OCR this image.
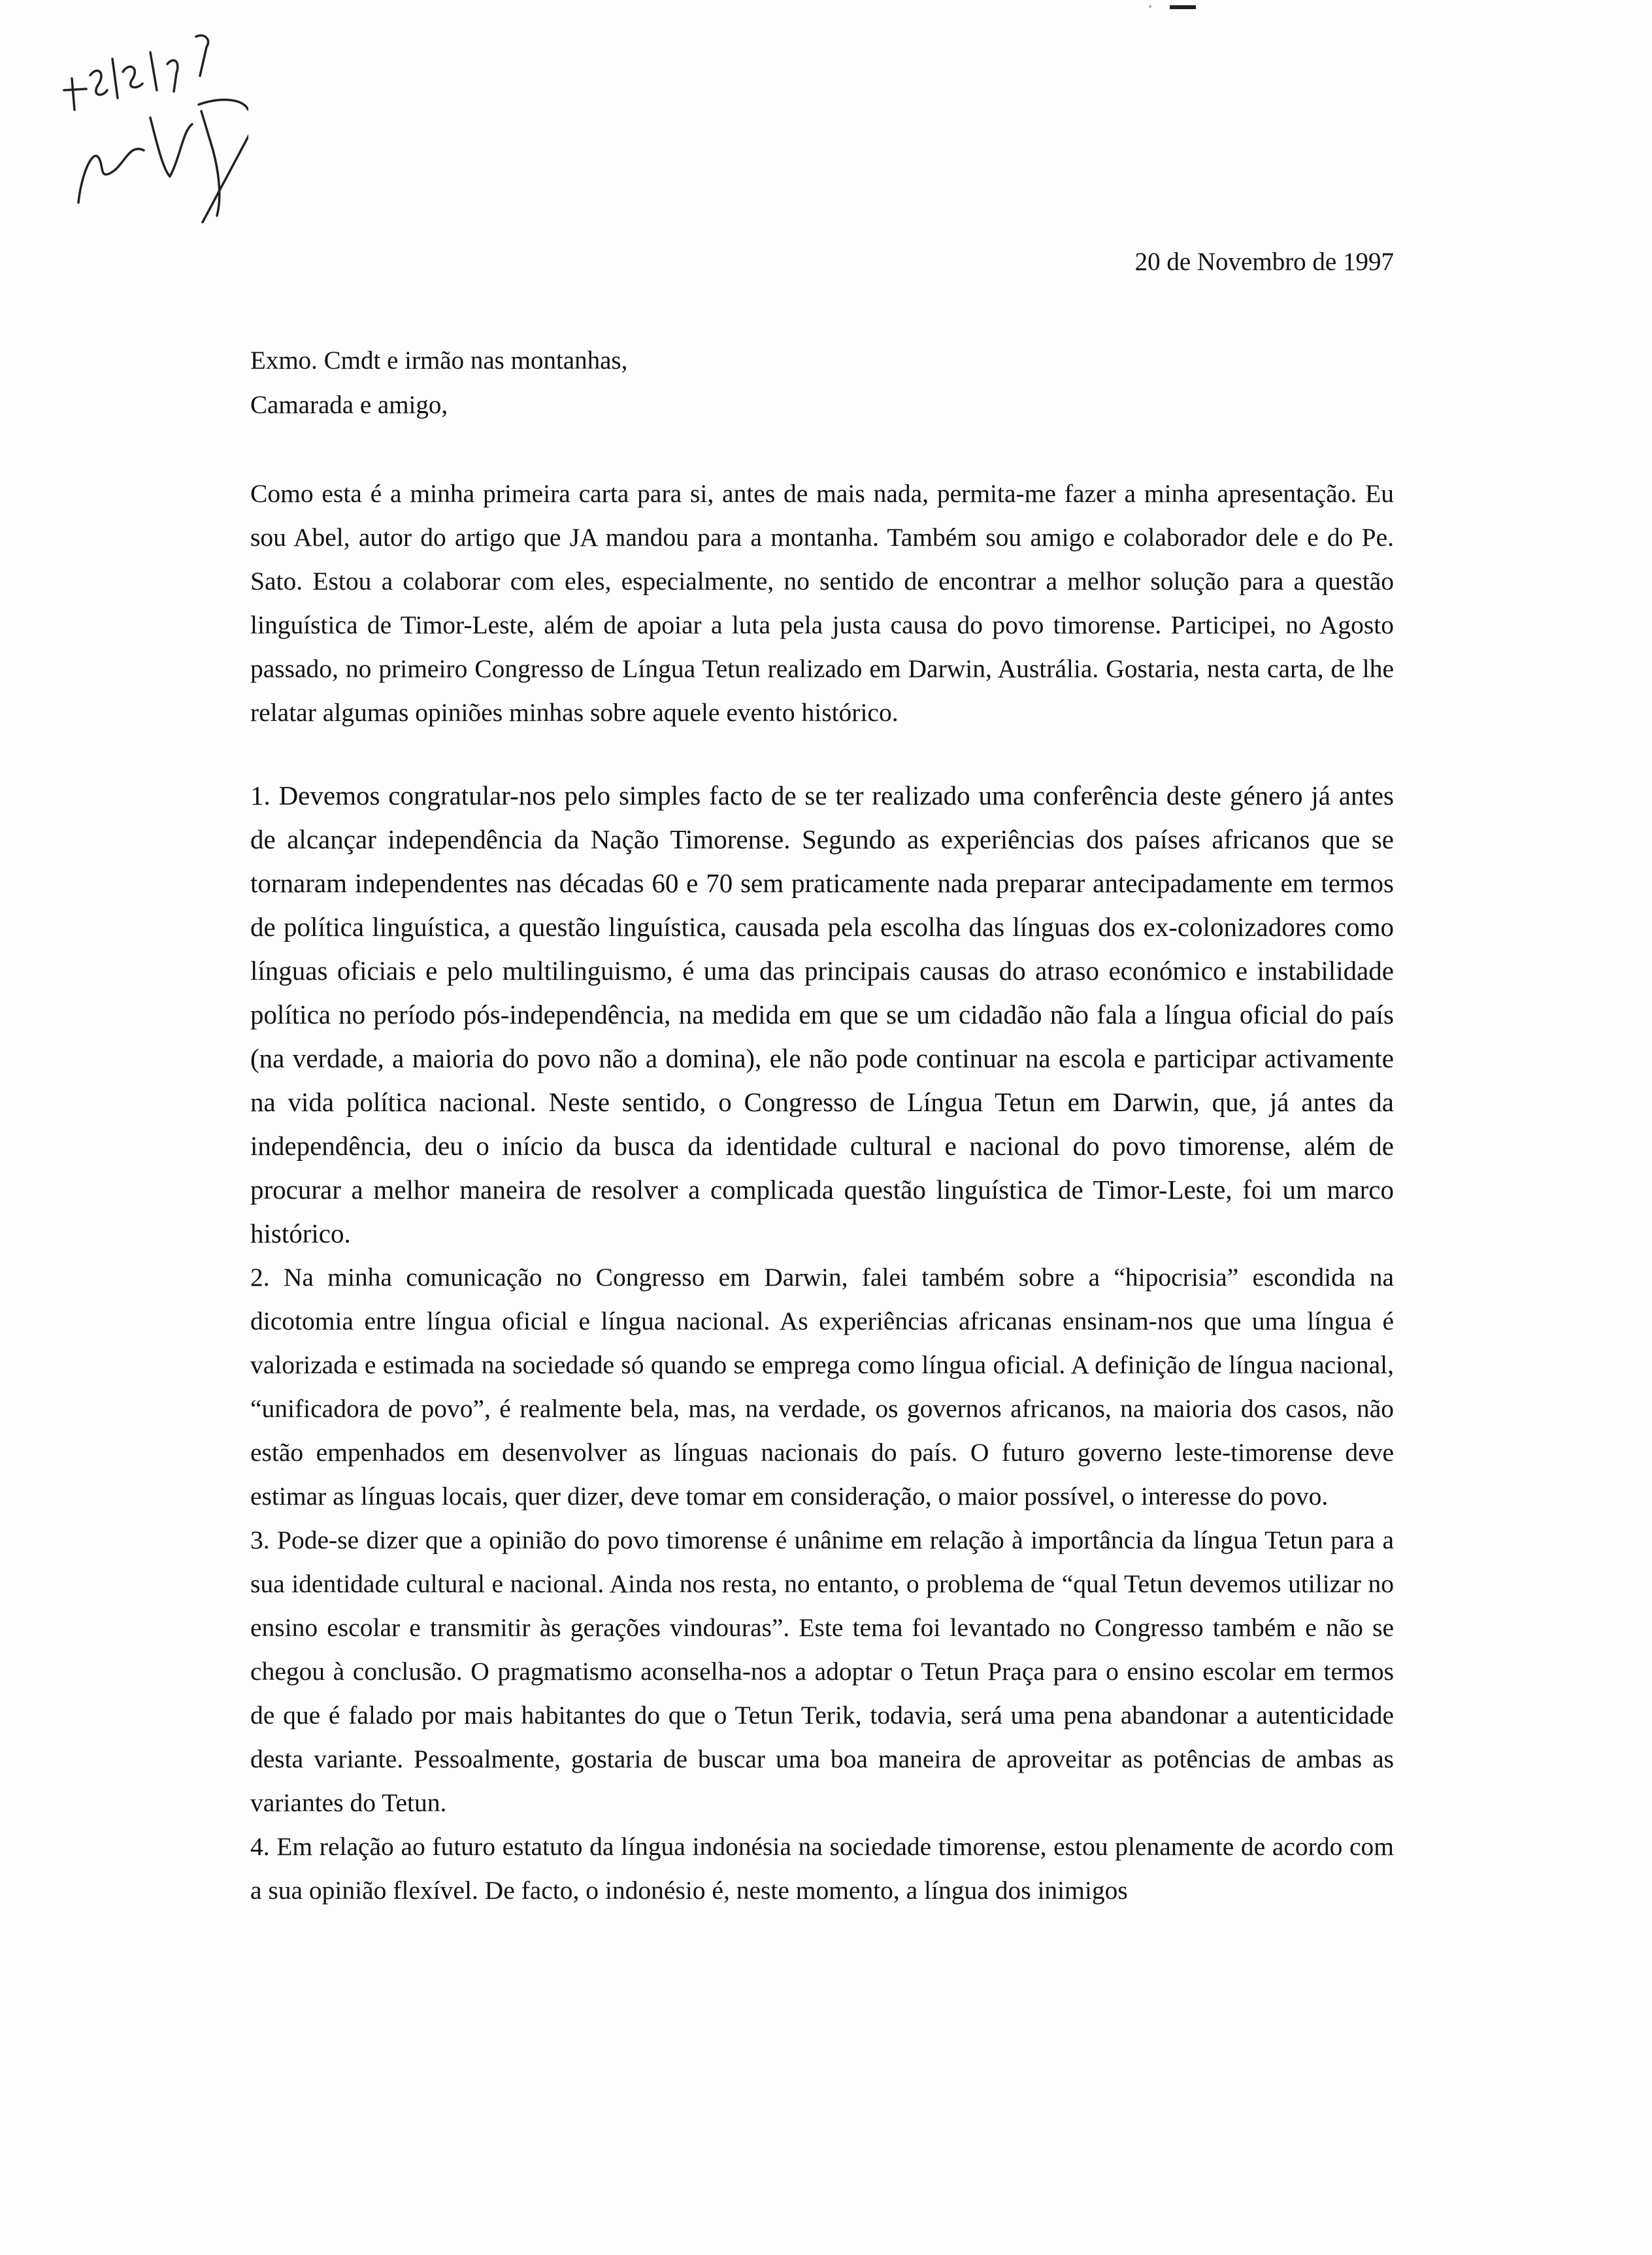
20 de Novembro de 1997
Exmo. Cmdt e irmão nas montanhas,
Camarada e amigo,

Como esta é a minha primeira carta para si, antes de mais nada, permita-me fazer a minha apresentação. Eu sou Abel, autor do artigo que JA mandou para a montanha. Também sou amigo e colaborador dele e do Pe. Sato. Estou a colaborar com eles, especialmente, no sentido de encontrar a melhor solução para a questão linguística de Timor-Leste, além de apoiar a luta pela justa causa do povo timorense. Participei, no Agosto passado, no primeiro Congresso de Língua Tetun realizado em Darwin, Austrália. Gostaria, nesta carta, de lhe relatar algumas opiniões minhas sobre aquele evento histórico.

1. Devemos congratular-nos pelo simples facto de se ter realizado uma conferência deste género já antes de alcançar independência da Nação Timorense. Segundo as experiências dos países africanos que se tornaram independentes nas décadas 60 e 70 sem praticamente nada preparar antecipadamente em termos de política linguística, a questão linguística, causada pela escolha das línguas dos ex-colonizadores como línguas oficiais e pelo multilinguismo, é uma das principais causas do atraso económico e instabilidade política no período pós-independência, na medida em que se um cidadão não fala a língua oficial do país (na verdade, a maioria do povo não a domina), ele não pode continuar na escola e participar activamente na vida política nacional. Neste sentido, o Congresso de Língua Tetun em Darwin, que, já antes da independência, deu o início da busca da identidade cultural e nacional do povo timorense, além de procurar a melhor maneira de resolver a complicada questão linguística de Timor-Leste, foi um marco histórico.

2. Na minha comunicação no Congresso em Darwin, falei também sobre a “hipocrisia” escondida na dicotomia entre língua oficial e língua nacional. As experiências africanas ensinam-nos que uma língua é valorizada e estimada na sociedade só quando se emprega como língua oficial. A definição de língua nacional, “unificadora de povo”, é realmente bela, mas, na verdade, os governos africanos, na maioria dos casos, não estão empenhados em desenvolver as línguas nacionais do país. O futuro governo leste-timorense deve estimar as línguas locais, quer dizer, deve tomar em consideração, o maior possível, o interesse do povo.

3. Pode-se dizer que a opinião do povo timorense é unânime em relação à importância da língua Tetun para a sua identidade cultural e nacional. Ainda nos resta, no entanto, o problema de “qual Tetun devemos utilizar no ensino escolar e transmitir às gerações vindouras”. Este tema foi levantado no Congresso também e não se chegou à conclusão. O pragmatismo aconselha-nos a adoptar o Tetun Praça para o ensino escolar em termos de que é falado por mais habitantes do que o Tetun Terik, todavia, será uma pena abandonar a autenticidade desta variante. Pessoalmente, gostaria de buscar uma boa maneira de aproveitar as potências de ambas as variantes do Tetun.

4. Em relação ao futuro estatuto da língua indonésia na sociedade timorense, estou plenamente de acordo com a sua opinião flexível. De facto, o indonésio é, neste momento, a língua dos inimigos
